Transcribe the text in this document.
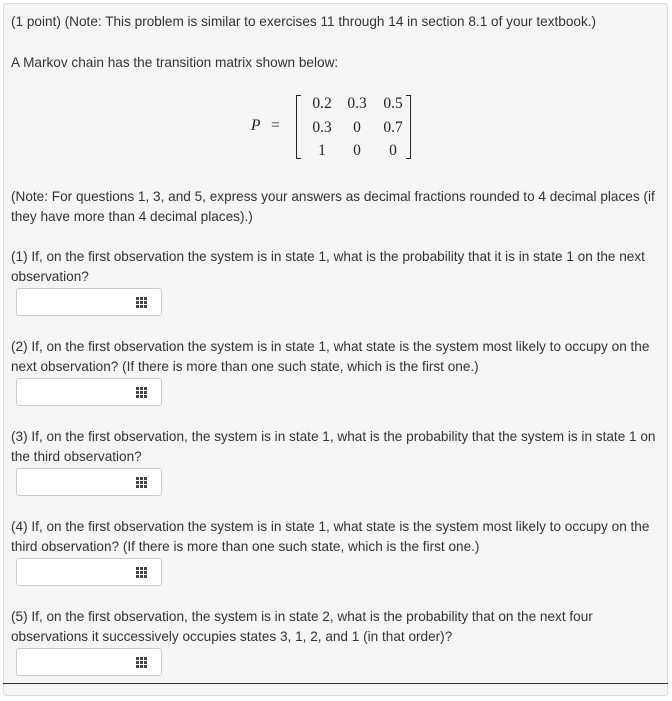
(1 point) (Note: This problem is similar to exercises 11 through 14 in section 8.1 of your textbook.)

A Markov chain has the transition matrix shown below:

P =
0.2	0.3	0.5
0.3	0	0.7
1	0	0

(Note: For questions 1, 3, and 5, express your answers as decimal fractions rounded to 4 decimal places (if they have more than 4 decimal places).)

(1) If, on the first observation the system is in state 1, what is the probability that it is in state 1 on the next observation?

(2) If, on the first observation the system is in state 1, what state is the system most likely to occupy on the next observation? (If there is more than one such state, which is the first one.)

(3) If, on the first observation, the system is in state 1, what is the probability that the system is in state 1 on the third observation?

(4) If, on the first observation the system is in state 1, what state is the system most likely to occupy on the third observation? (If there is more than one such state, which is the first one.)

(5) If, on the first observation, the system is in state 2, what is the probability that on the next four observations it successively occupies states 3, 1, 2, and 1 (in that order)?
